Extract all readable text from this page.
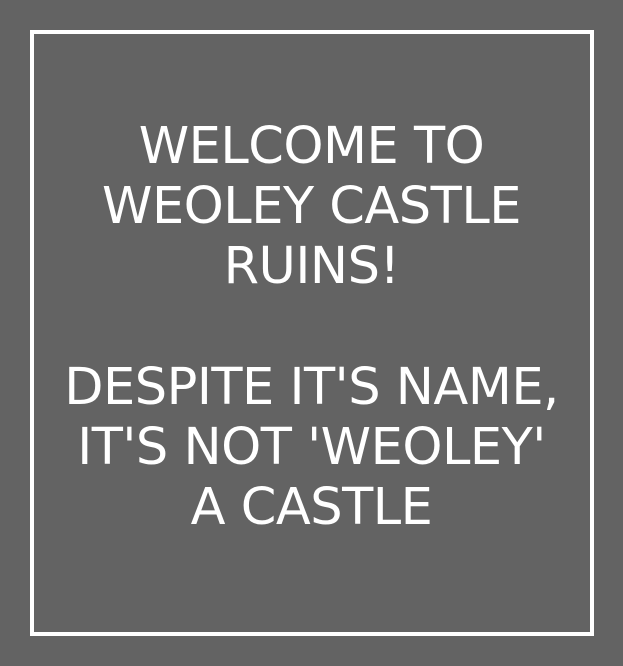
WELCOME TO
WEOLEY CASTLE
RUINS!
DESPITE IT'S NAME,
IT'S NOT 'WEOLEY'
A CASTLE
